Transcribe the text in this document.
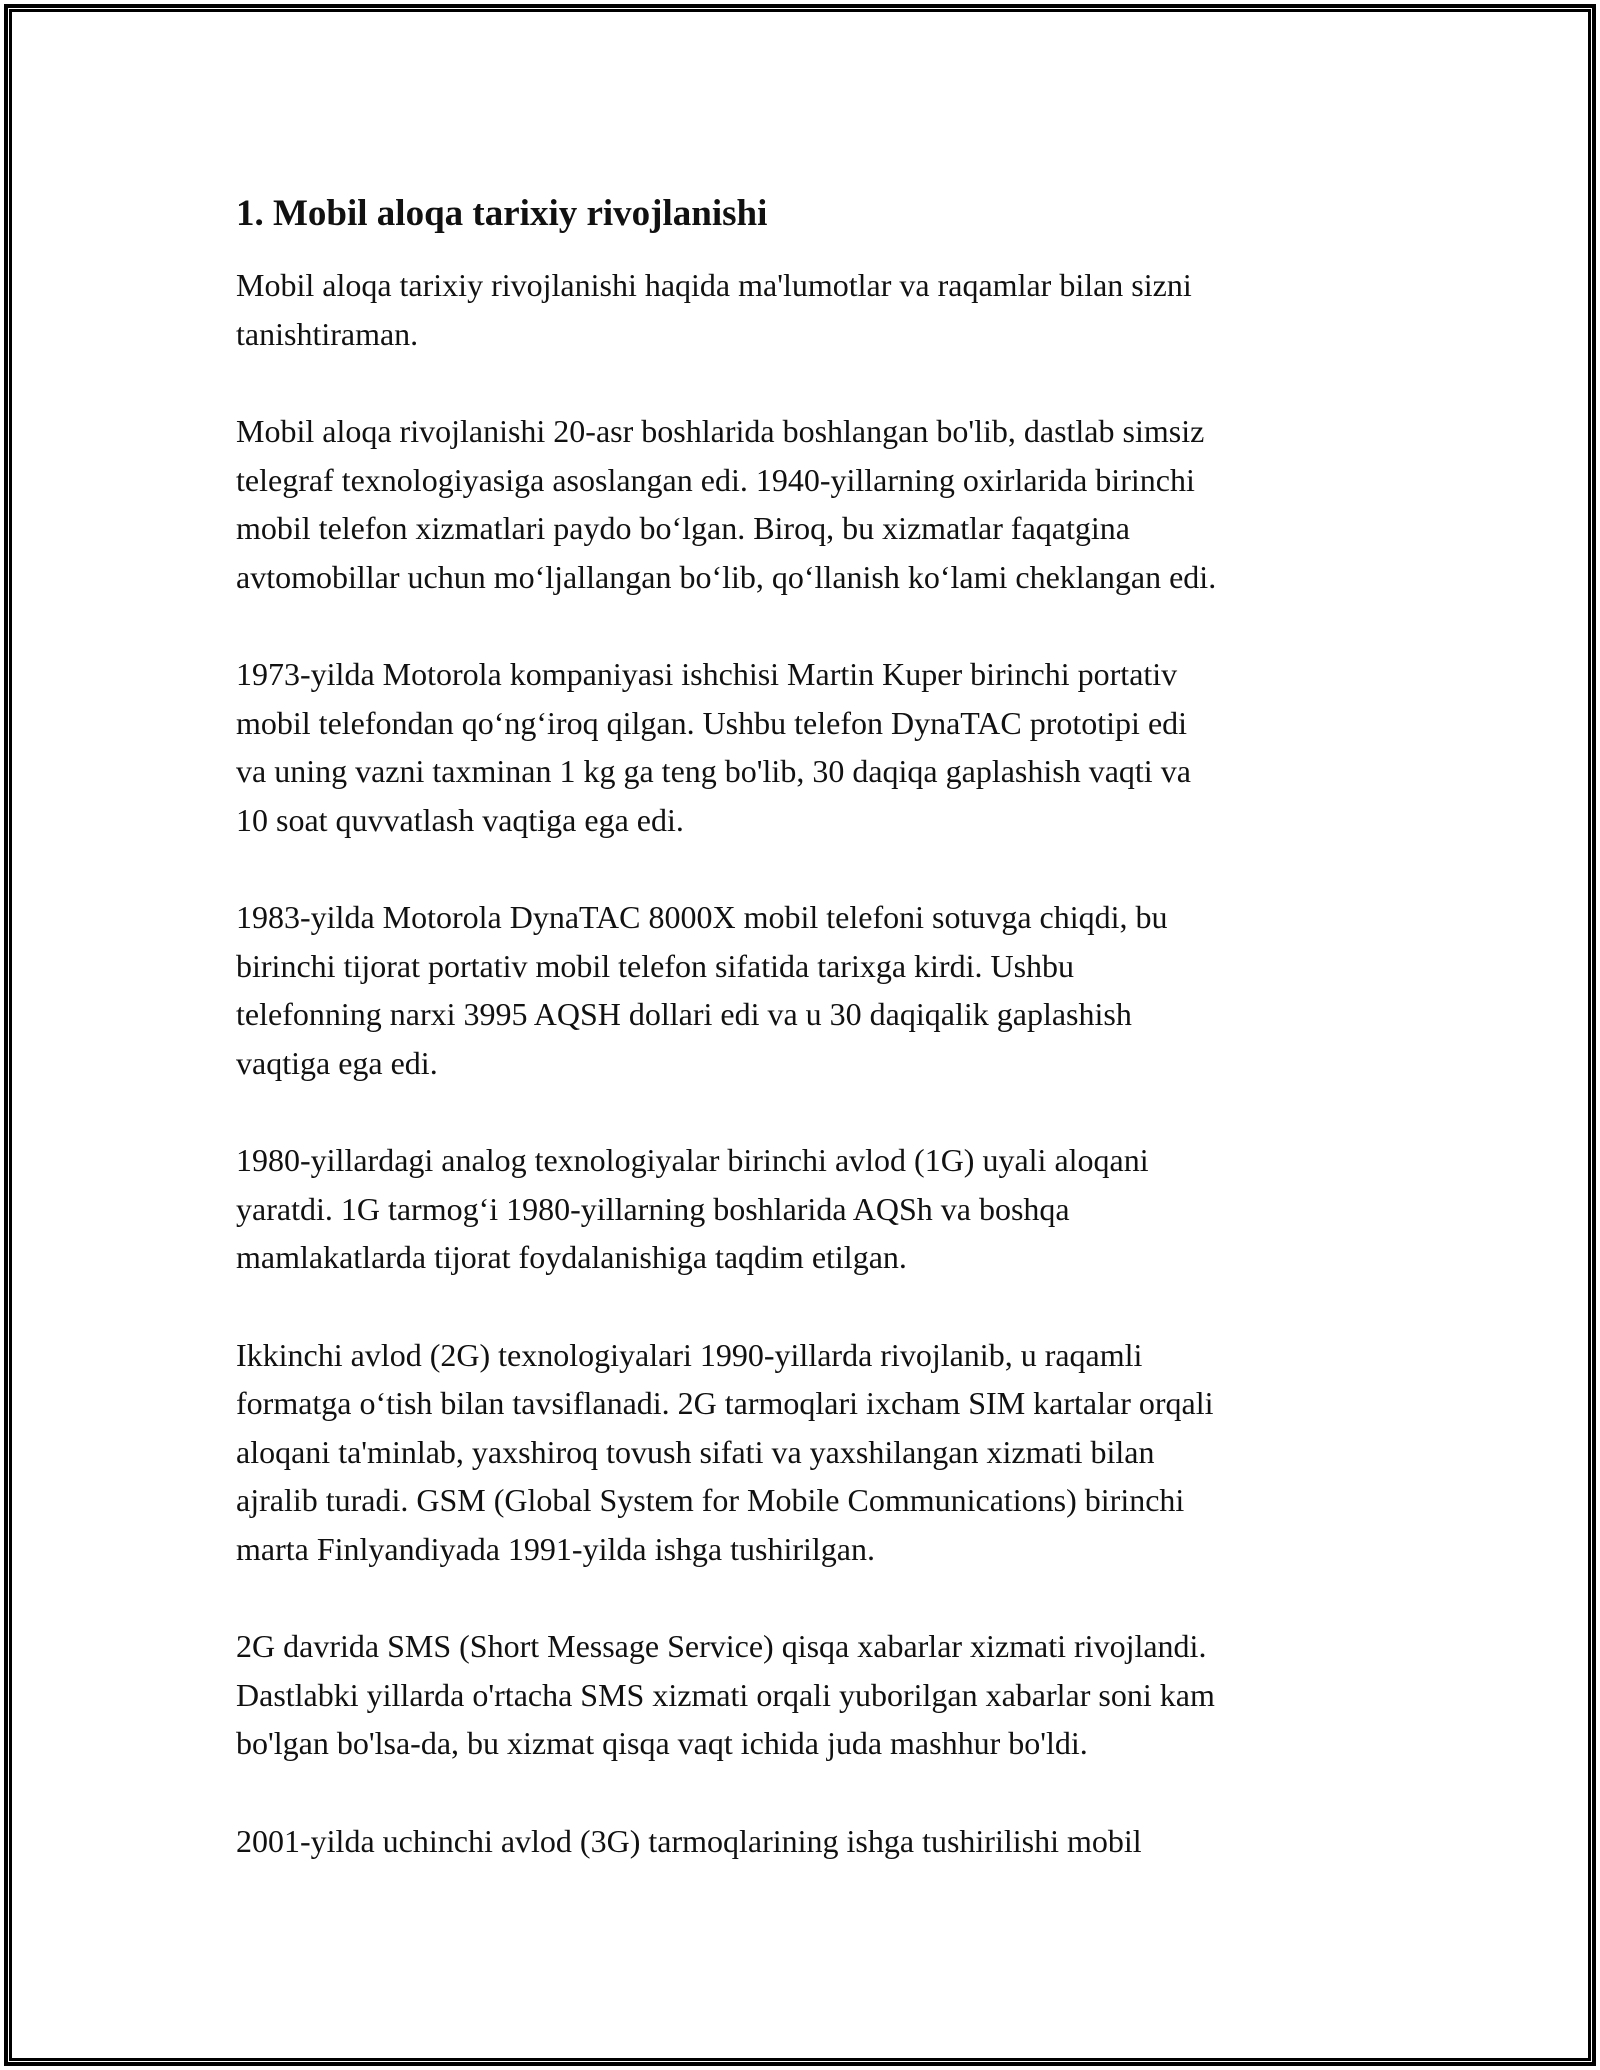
1. Mobil aloqa tarixiy rivojlanishi

Mobil aloqa tarixiy rivojlanishi haqida ma'lumotlar va raqamlar bilan sizni
tanishtiraman.

Mobil aloqa rivojlanishi 20-asr boshlarida boshlangan bo'lib, dastlab simsiz
telegraf texnologiyasiga asoslangan edi. 1940-yillarning oxirlarida birinchi
mobil telefon xizmatlari paydo bo‘lgan. Biroq, bu xizmatlar faqatgina
avtomobillar uchun mo‘ljallangan bo‘lib, qo‘llanish ko‘lami cheklangan edi.

1973-yilda Motorola kompaniyasi ishchisi Martin Kuper birinchi portativ
mobil telefondan qo‘ng‘iroq qilgan. Ushbu telefon DynaTAC prototipi edi
va uning vazni taxminan 1 kg ga teng bo'lib, 30 daqiqa gaplashish vaqti va
10 soat quvvatlash vaqtiga ega edi.

1983-yilda Motorola DynaTAC 8000X mobil telefoni sotuvga chiqdi, bu
birinchi tijorat portativ mobil telefon sifatida tarixga kirdi. Ushbu
telefonning narxi 3995 AQSH dollari edi va u 30 daqiqalik gaplashish
vaqtiga ega edi.

1980-yillardagi analog texnologiyalar birinchi avlod (1G) uyali aloqani
yaratdi. 1G tarmog‘i 1980-yillarning boshlarida AQSh va boshqa
mamlakatlarda tijorat foydalanishiga taqdim etilgan.

Ikkinchi avlod (2G) texnologiyalari 1990-yillarda rivojlanib, u raqamli
formatga o‘tish bilan tavsiflanadi. 2G tarmoqlari ixcham SIM kartalar orqali
aloqani ta'minlab, yaxshiroq tovush sifati va yaxshilangan xizmati bilan
ajralib turadi. GSM (Global System for Mobile Communications) birinchi
marta Finlyandiyada 1991-yilda ishga tushirilgan.

2G davrida SMS (Short Message Service) qisqa xabarlar xizmati rivojlandi.
Dastlabki yillarda o'rtacha SMS xizmati orqali yuborilgan xabarlar soni kam
bo'lgan bo'lsa-da, bu xizmat qisqa vaqt ichida juda mashhur bo'ldi.

2001-yilda uchinchi avlod (3G) tarmoqlarining ishga tushirilishi mobil
